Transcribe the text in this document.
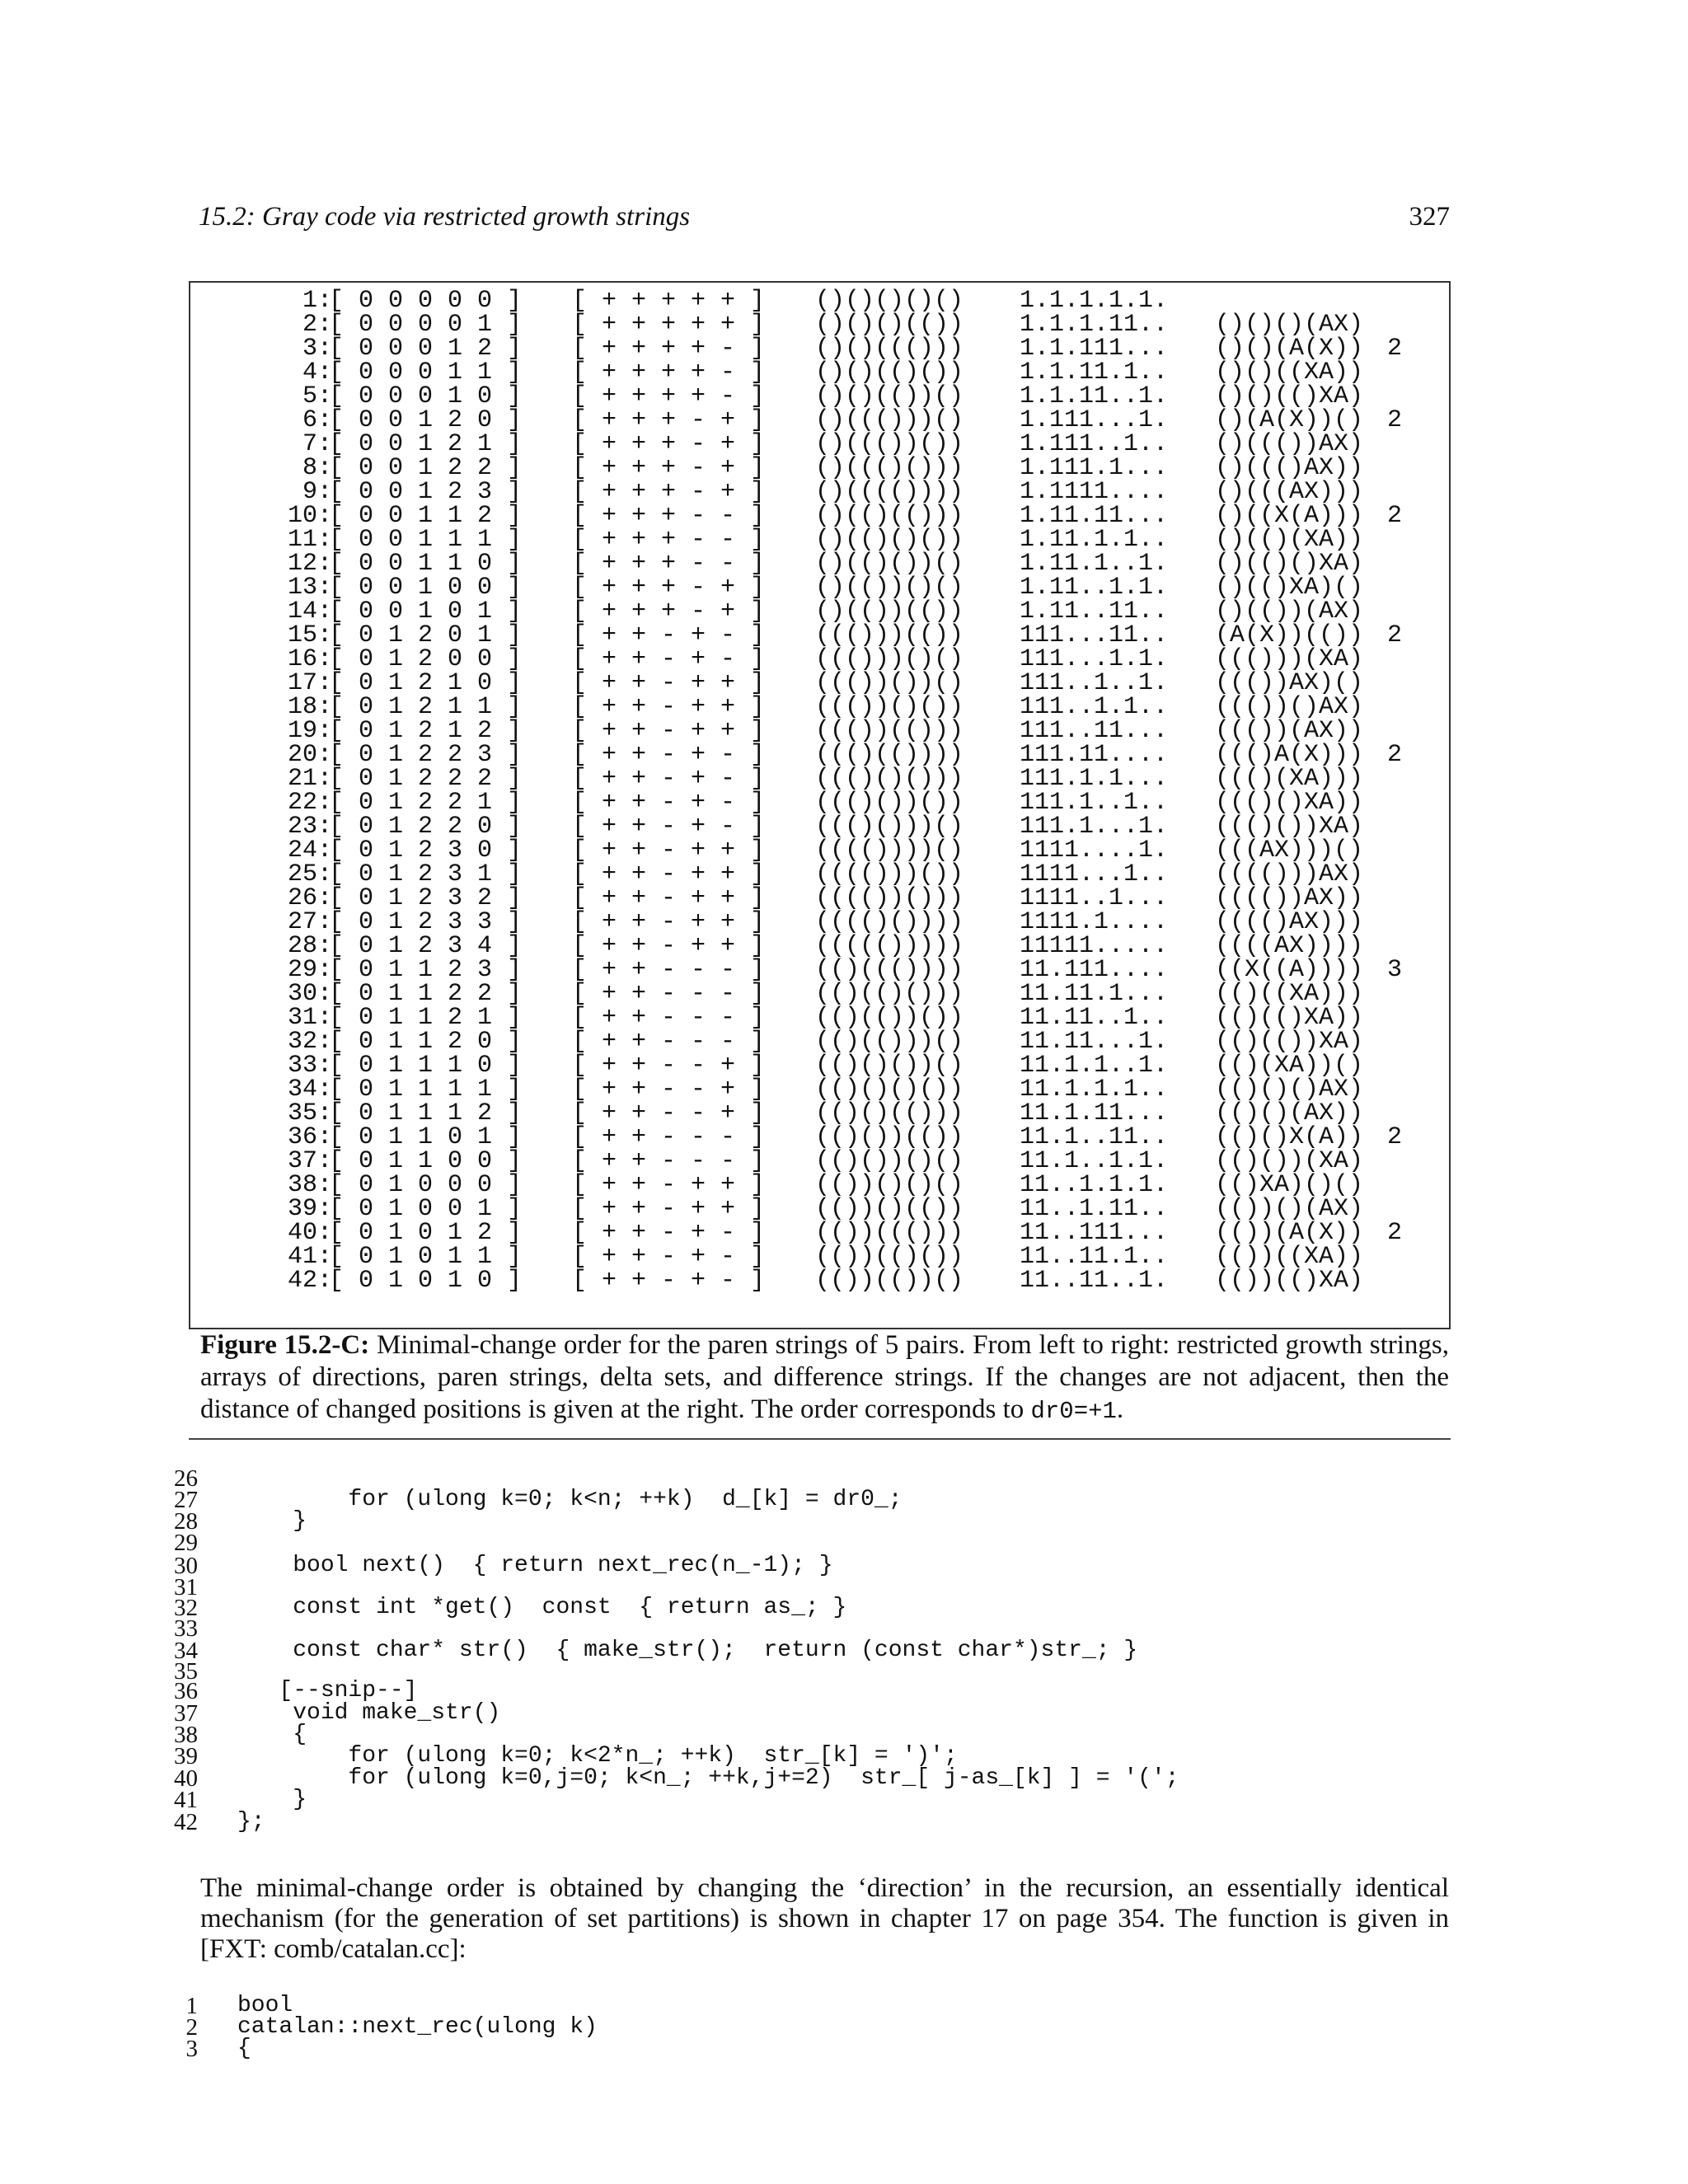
15.2: Gray code via restricted growth strings	327
1:
[ 0 0 0 0 0 ] [ + + + + + ] ()()()()() 1.1.1.1.1.
2:
[ 0 0 0 0 1 ] [ + + + + + ] ()()()(()) 1.1.1.11.. ()()()(AX)
3:
[ 0 0 0 1 2 ] [ + + + + - ] ()()((())) 1.1.111... ()()(A(X)) 2
4:
[ 0 0 0 1 1 ] [ + + + + - ] ()()(()()) 1.1.11.1.. ()()((XA))
5:
[ 0 0 0 1 0 ] [ + + + + - ] ()()(())() 1.1.11..1. ()()(()XA)
6:
[ 0 0 1 2 0 ] [ + + + - + ] ()((()))() 1.111...1. ()(A(X))() 2
7:
[ 0 0 1 2 1 ] [ + + + - + ] ()((())()) 1.111..1.. ()((())AX)
8:
[ 0 0 1 2 2 ] [ + + + - + ] ()((()())) 1.111.1... ()((()AX))
9:
[ 0 0 1 2 3 ] [ + + + - + ] ()(((()))) 1.1111.... ()(((AX)))
10:
[ 0 0 1 1 2 ] [ + + + - - ] ()(()(())) 1.11.11... ()((X(A))) 2
11:
[ 0 0 1 1 1 ] [ + + + - - ] ()(()()()) 1.11.1.1.. ()(()(XA))
12:
[ 0 0 1 1 0 ] [ + + + - - ] ()(()())() 1.11.1..1. ()(()()XA)
13:
[ 0 0 1 0 0 ] [ + + + - + ] ()(())()() 1.11..1.1. ()(()XA)()
14:
[ 0 0 1 0 1 ] [ + + + - + ] ()(())(()) 1.11..11.. ()(())(AX)
15:
[ 0 1 2 0 1 ] [ + + - + - ] ((()))(()) 111...11.. (A(X))(()) 2
16:
[ 0 1 2 0 0 ] [ + + - + - ] ((()))()() 111...1.1. ((()))(XA)
17:
[ 0 1 2 1 0 ] [ + + - + + ] ((())())() 111..1..1. ((())AX)()
18:
[ 0 1 2 1 1 ] [ + + - + + ] ((())()()) 111..1.1.. ((())()AX)
19:
[ 0 1 2 1 2 ] [ + + - + + ] ((())(())) 111..11... ((())(AX))
20:
[ 0 1 2 2 3 ] [ + + - + - ] ((()(()))) 111.11.... ((()A(X))) 2
21:
[ 0 1 2 2 2 ] [ + + - + - ] ((()()())) 111.1.1... ((()(XA)))
22:
[ 0 1 2 2 1 ] [ + + - + - ] ((()())()) 111.1..1.. ((()()XA))
23:
[ 0 1 2 2 0 ] [ + + - + - ] ((()()))() 111.1...1. ((()())XA)
24:
[ 0 1 2 3 0 ] [ + + - + + ] (((())))() 1111....1. (((AX)))()
25:
[ 0 1 2 3 1 ] [ + + - + + ] (((()))()) 1111...1.. (((()))AX)
26:
[ 0 1 2 3 2 ] [ + + - + + ] (((())())) 1111..1... (((())AX))
27:
[ 0 1 2 3 3 ] [ + + - + + ] (((()()))) 1111.1.... (((()AX)))
28:
[ 0 1 2 3 4 ] [ + + - + + ] ((((())))) 11111..... ((((AX))))
29:
[ 0 1 1 2 3 ] [ + + - - - ] (()((()))) 11.111.... ((X((A)))) 3
30:
[ 0 1 1 2 2 ] [ + + - - - ] (()(()())) 11.11.1... (()((XA)))
31:
[ 0 1 1 2 1 ] [ + + - - - ] (()(())()) 11.11..1.. (()(()XA))
32:
[ 0 1 1 2 0 ] [ + + - - - ] (()(()))() 11.11...1. (()(())XA)
33:
[ 0 1 1 1 0 ] [ + + - - + ] (()()())() 11.1.1..1. (()(XA))()
34:
[ 0 1 1 1 1 ] [ + + - - + ] (()()()()) 11.1.1.1.. (()()()AX)
35:
[ 0 1 1 1 2 ] [ + + - - + ] (()()(())) 11.1.11... (()()(AX))
36:
[ 0 1 1 0 1 ] [ + + - - - ] (()())(()) 11.1..11.. (()()X(A)) 2
37:
[ 0 1 1 0 0 ] [ + + - - - ] (()())()() 11.1..1.1. (()())(XA)
38:
[ 0 1 0 0 0 ] [ + + - + + ] (())()()() 11..1.1.1. (()XA)()()
39:
[ 0 1 0 0 1 ] [ + + - + + ] (())()(()) 11..1.11.. (())()(AX)
40:
[ 0 1 0 1 2 ] [ + + - + - ] (())((())) 11..111... (())(A(X)) 2
41:
[ 0 1 0 1 1 ] [ + + - + - ] (())(()()) 11..11.1.. (())((XA))
42:
[ 0 1 0 1 0 ] [ + + - + - ] (())(())() 11..11..1. (())(()XA)
Figure 15.2-C: Minimal-change order for the paren strings of 5 pairs. From left to right: restricted growth strings, arrays of directions, paren strings, delta sets, and difference strings. If the changes are not adjacent, then the distance of changed positions is given at the right. The order corresponds to dr0=+1.
26
27 for (ulong k=0; k<n; ++k)  d_[k] = dr0_;
28 }
29
30 bool next()  { return next_rec(n_-1); }
31
32 const int *get()  const  { return as_; }
33
34 const char* str()  { make_str();  return (const char*)str_; }
35
36 [--snip--]
37 void make_str()
38 {
39 for (ulong k=0; k<2*n_; ++k)  str_[k] = ')';
40 for (ulong k=0,j=0; k<n_; ++k,j+=2)  str_[ j-as_[k] ] = '(';
41 }
42 };
The minimal-change order is obtained by changing the ‘direction’ in the recursion, an essentially identical mechanism (for the generation of set partitions) is shown in chapter 17 on page 354. The function is given in [FXT: comb/catalan.cc]:
1 bool
2 catalan::next_rec(ulong k)
3 {
